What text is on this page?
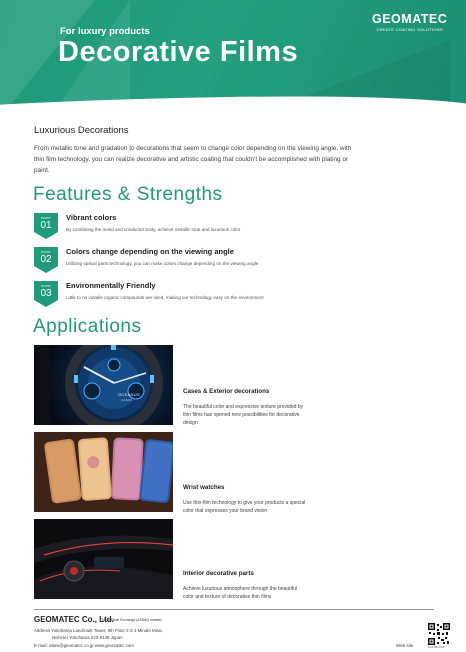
For luxury products
Decorative Films
GEOMATEC
CREATE COATING SOLUTIONS
Luxurious Decorations
From metallic tone and gradation to decorations that seem to change color depending on the viewing angle, with
thin film technology, you can realize decorative and artistic coating that couldn't be accomplished with plating or
paint.
Features & Strengths
POINT
01
Vibrant colors
By combining the metal and conductor body, achieve metallic tone and luxurious color
POINT
02
Colors change depending on the viewing angle
Utilizing optical parts technology, you can make colors change depending on the viewing angle
POINT
03
Environmentally Friendly
Little to no volatile organic compounds are used, making our technology easy on the environment
Applications
OCEANUS
CASIO
Cases & Exterior decorations
The beautiful color and expressive texture provided by
thin films has opened new possibilities for decorative
design
Wrist watches
Use thin-film technology to give your products a special
color that expresses your brand vision
Interior decorative parts
Achieve luxurious atmosphere through the beautiful
color and texture of decorative thin films
GEOMATEC Co., Ltd.
[Tokyo Stock Exchange (ASDAQ market)
Address Yokohama Landmark Tower, 9th Floor 2-2-1 Minato Mirai,
Nishi-ku Yokohama 220-8139 Japan
E-mail: sales@geomatec.co.jp www.geomatec.com	Web site	DAS-MD-0008
